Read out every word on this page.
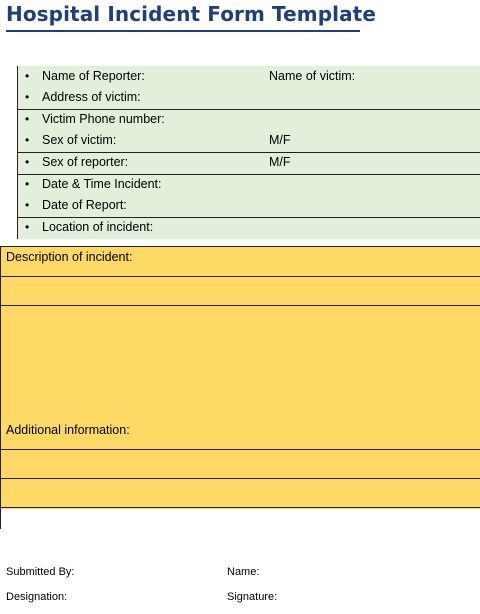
Hospital Incident Form Template
• Name of Reporter:	Name of victim:
• Address of victim:
• Victim Phone number:
• Sex of victim:	M/F
• Sex of reporter:	M/F
• Date & Time Incident:
• Date of Report:
• Location of incident:
Description of incident:
Additional information:
Submitted By:	Name:
Designation:	Signature:
